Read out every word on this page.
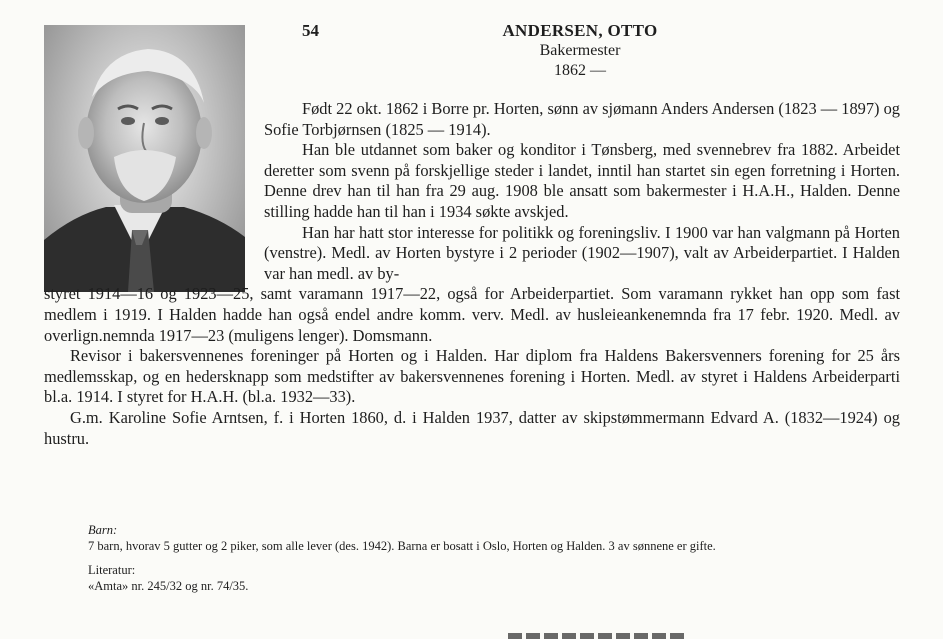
54	ANDERSEN, OTTO
Bakermester
1862 —

Født 22 okt. 1862 i Borre pr. Horten, sønn av sjømann Anders Andersen (1823 — 1897) og Sofie Torbjørnsen (1825 — 1914).

Han ble utdannet som baker og konditor i Tønsberg, med svennebrev fra 1882. Arbeidet deretter som svenn på forskjellige steder i landet, inntil han startet sin egen forretning i Horten. Denne drev han til han fra 29 aug. 1908 ble ansatt som bakermester i H.A.H., Halden. Denne stilling hadde han til han i 1934 søkte avskjed.

Han har hatt stor interesse for politikk og foreningsliv. I 1900 var han valgmann på Horten (venstre). Medl. av Horten bystyre i 2 perioder (1902—1907), valt av Arbeiderpartiet. I Halden var han medl. av by-

styret 1914—16 og 1923—25, samt varamann 1917—22, også for Arbeiderpartiet. Som varamann rykket han opp som fast medlem i 1919. I Halden hadde han også endel andre komm. verv. Medl. av husleieankenemnda fra 17 febr. 1920. Medl. av overlign.nemnda 1917—23 (muligens lenger). Domsmann.

Revisor i bakersvennenes foreninger på Horten og i Halden. Har diplom fra Haldens Bakersvenners forening for 25 års medlemsskap, og en hedersknapp som medstifter av bakersvennenes forening i Horten. Medl. av styret i Haldens Arbeiderparti bl.a. 1914. I styret for H.A.H. (bl.a. 1932—33).

G.m. Karoline Sofie Arntsen, f. i Horten 1860, d. i Halden 1937, datter av skipstømmermann Edvard A. (1832—1924) og hustru.

Barn:
7 barn, hvorav 5 gutter og 2 piker, som alle lever (des. 1942). Barna er bosatt i Oslo, Horten og Halden. 3 av sønnene er gifte.
Literatur:
«Amta» nr. 245/32 og nr. 74/35.
